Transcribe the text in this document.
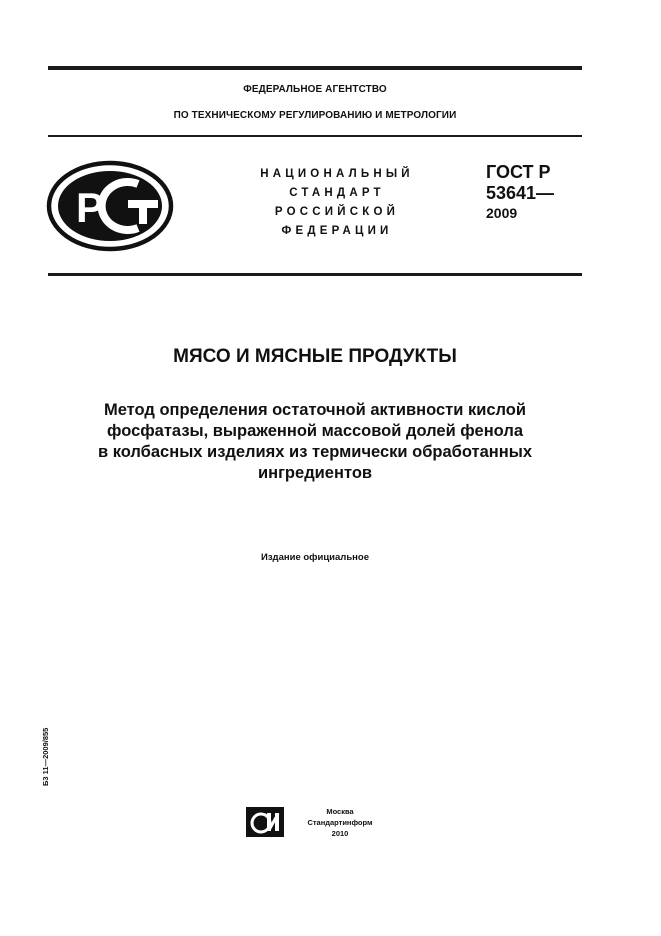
ФЕДЕРАЛЬНОЕ АГЕНТСТВО
ПО ТЕХНИЧЕСКОМУ РЕГУЛИРОВАНИЮ И МЕТРОЛОГИИ
Р
НАЦИОНАЛЬНЫЙ
СТАНДАРТ
РОССИЙСКОЙ
ФЕДЕРАЦИИ
ГОСТ Р
53641—
2009
МЯСО И МЯСНЫЕ ПРОДУКТЫ
Метод определения остаточной активности кислой
фосфатазы, выраженной массовой долей фенола
в колбасных изделиях из термически обработанных
ингредиентов
Издание официальное
Б3 11—2009/855
Москва
Стандартинформ
2010
